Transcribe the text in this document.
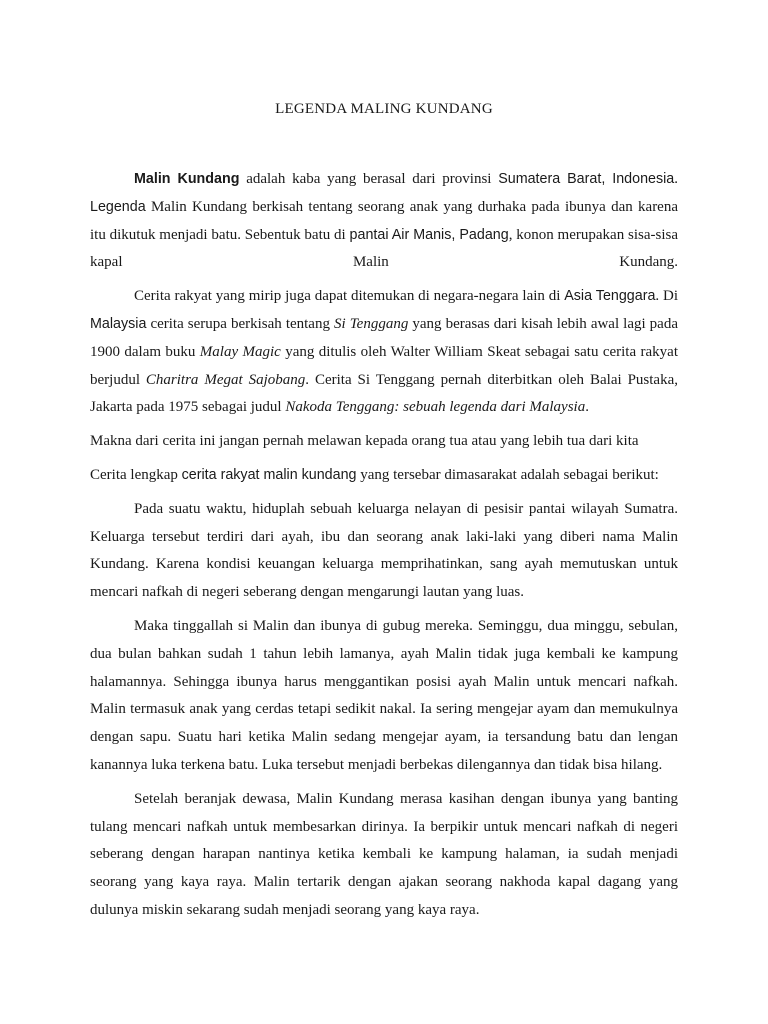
LEGENDA MALING KUNDANG

Malin Kundang adalah kaba yang berasal dari provinsi Sumatera Barat, Indonesia. Legenda Malin Kundang berkisah tentang seorang anak yang durhaka pada ibunya dan karena itu dikutuk menjadi batu. Sebentuk batu di pantai Air Manis, Padang, konon merupakan sisa-sisa kapal Malin Kundang.

Cerita rakyat yang mirip juga dapat ditemukan di negara-negara lain di Asia Tenggara. Di Malaysia cerita serupa berkisah tentang Si Tenggang yang berasas dari kisah lebih awal lagi pada 1900 dalam buku Malay Magic yang ditulis oleh Walter William Skeat sebagai satu cerita rakyat berjudul Charitra Megat Sajobang. Cerita Si Tenggang pernah diterbitkan oleh Balai Pustaka, Jakarta pada 1975 sebagai judul Nakoda Tenggang: sebuah legenda dari Malaysia.

Makna dari cerita ini jangan pernah melawan kepada orang tua atau yang lebih tua dari kita

Cerita lengkap cerita rakyat malin kundang yang tersebar dimasarakat adalah sebagai berikut:

Pada suatu waktu, hiduplah sebuah keluarga nelayan di pesisir pantai wilayah Sumatra. Keluarga tersebut terdiri dari ayah, ibu dan seorang anak laki-laki yang diberi nama Malin Kundang. Karena kondisi keuangan keluarga memprihatinkan, sang ayah memutuskan untuk mencari nafkah di negeri seberang dengan mengarungi lautan yang luas.

Maka tinggallah si Malin dan ibunya di gubug mereka. Seminggu, dua minggu, sebulan, dua bulan bahkan sudah 1 tahun lebih lamanya, ayah Malin tidak juga kembali ke kampung halamannya. Sehingga ibunya harus menggantikan posisi ayah Malin untuk mencari nafkah. Malin termasuk anak yang cerdas tetapi sedikit nakal. Ia sering mengejar ayam dan memukulnya dengan sapu. Suatu hari ketika Malin sedang mengejar ayam, ia tersandung batu dan lengan kanannya luka terkena batu. Luka tersebut menjadi berbekas dilengannya dan tidak bisa hilang.

Setelah beranjak dewasa, Malin Kundang merasa kasihan dengan ibunya yang banting tulang mencari nafkah untuk membesarkan dirinya. Ia berpikir untuk mencari nafkah di negeri seberang dengan harapan nantinya ketika kembali ke kampung halaman, ia sudah menjadi seorang yang kaya raya. Malin tertarik dengan ajakan seorang nakhoda kapal dagang yang dulunya miskin sekarang sudah menjadi seorang yang kaya raya.
